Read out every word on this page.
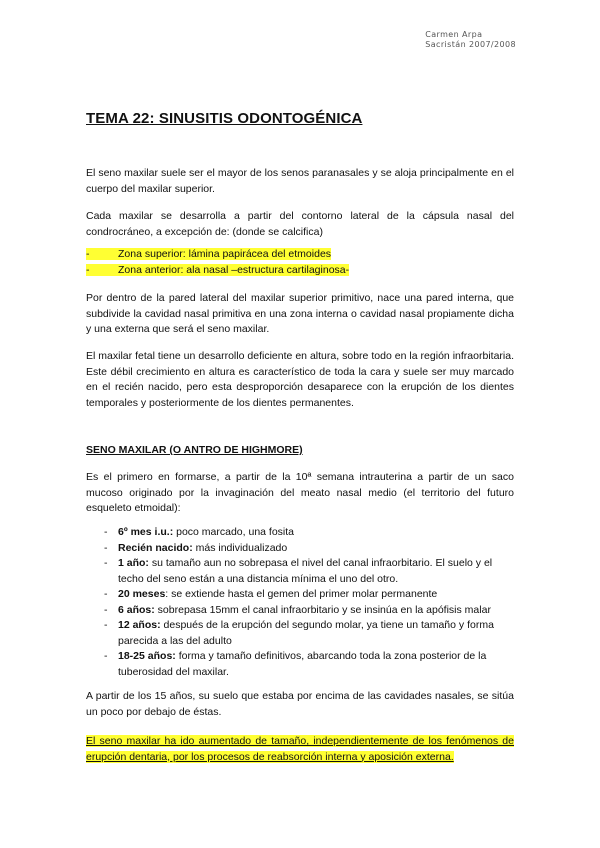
Carmen Arpa
Sacristán 2007/2008
TEMA 22: SINUSITIS ODONTOGÉNICA

El seno maxilar suele ser el mayor de los senos paranasales y se aloja principalmente en el cuerpo del maxilar superior.

Cada maxilar se desarrolla a partir del contorno lateral de la cápsula nasal del condrocráneo, a excepción de: (donde se calcifica)

-	Zona superior: lámina papirácea del etmoides
-	Zona anterior: ala nasal –estructura cartilaginosa-

Por dentro de la pared lateral del maxilar superior primitivo, nace una pared interna, que subdivide la cavidad nasal primitiva en una zona interna o cavidad nasal propiamente dicha y una externa que será el seno maxilar.

El maxilar fetal tiene un desarrollo deficiente en altura, sobre todo en la región infraorbitaria. Este débil crecimiento en altura es característico de toda la cara y suele ser muy marcado en el recién nacido, pero esta desproporción desaparece con la erupción de los dientes temporales y posteriormente de los dientes permanentes.

SENO MAXILAR (O ANTRO DE HIGHMORE)

Es el primero en formarse, a partir de la 10ª semana intrauterina a partir de un saco mucoso originado por la invaginación del meato nasal medio (el territorio del futuro esqueleto etmoidal):

- 6º mes i.u.: poco marcado, una fosita
- Recién nacido: más individualizado
- 1 año: su tamaño aun no sobrepasa el nivel del canal infraorbitario. El suelo y el techo del seno están a una distancia mínima el uno del otro.
- 20 meses: se extiende hasta el gemen del primer molar permanente
- 6 años: sobrepasa 15mm el canal infraorbitario y se insinúa en la apófisis malar
- 12 años: después de la erupción del segundo molar, ya tiene un tamaño y forma parecida a las del adulto
- 18-25 años: forma y tamaño definitivos, abarcando toda la zona posterior de la tuberosidad del maxilar.

A partir de los 15 años, su suelo que estaba por encima de las cavidades nasales, se sitúa un poco por debajo de éstas.

El seno maxilar ha ido aumentado de tamaño, independientemente de los fenómenos de erupción dentaria, por los procesos de reabsorción interna y aposición externa.
